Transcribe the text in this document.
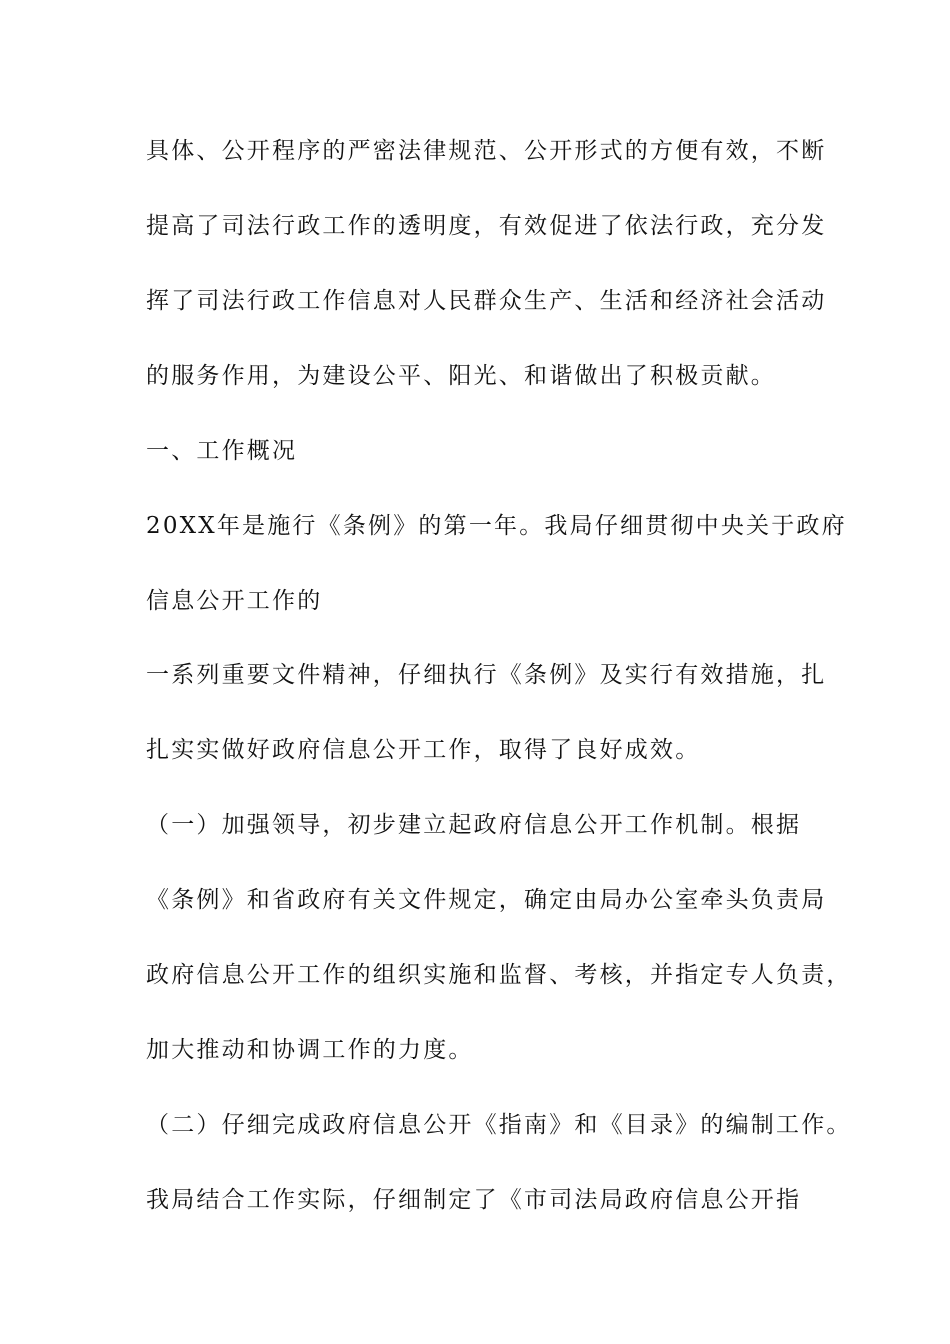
具体、公开程序的严密法律规范、公开形式的方便有效，不断
提高了司法行政工作的透明度，有效促进了依法行政，充分发
挥了司法行政工作信息对人民群众生产、生活和经济社会活动
的服务作用，为建设公平、阳光、和谐做出了积极贡献。
一、工作概况
20XX年是施行《条例》的第一年。我局仔细贯彻中央关于政府
信息公开工作的
一系列重要文件精神，仔细执行《条例》及实行有效措施，扎
扎实实做好政府信息公开工作，取得了良好成效。
（一）加强领导，初步建立起政府信息公开工作机制。根据
《条例》和省政府有关文件规定，确定由局办公室牵头负责局
政府信息公开工作的组织实施和监督、考核，并指定专人负责，
加大推动和协调工作的力度。
（二）仔细完成政府信息公开《指南》和《目录》的编制工作。
我局结合工作实际，仔细制定了《市司法局政府信息公开指
